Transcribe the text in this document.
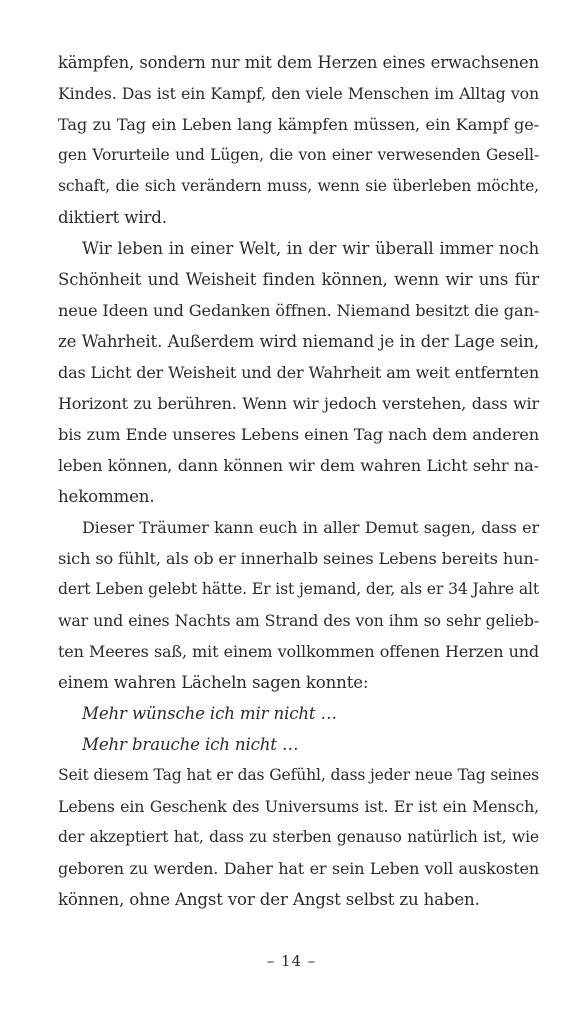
kämpfen, sondern nur mit dem Herzen eines erwachsenen
Kindes. Das ist ein Kampf, den viele Menschen im Alltag von
Tag zu Tag ein Leben lang kämpfen müssen, ein Kampf ge-
gen Vorurteile und Lügen, die von einer verwesenden Gesell-
schaft, die sich verändern muss, wenn sie überleben möchte,
diktiert wird.
Wir leben in einer Welt, in der wir überall immer noch
Schönheit und Weisheit finden können, wenn wir uns für
neue Ideen und Gedanken öffnen. Niemand besitzt die gan-
ze Wahrheit. Außerdem wird niemand je in der Lage sein,
das Licht der Weisheit und der Wahrheit am weit entfernten
Horizont zu berühren. Wenn wir jedoch verstehen, dass wir
bis zum Ende unseres Lebens einen Tag nach dem anderen
leben können, dann können wir dem wahren Licht sehr na-
hekommen.
Dieser Träumer kann euch in aller Demut sagen, dass er
sich so fühlt, als ob er innerhalb seines Lebens bereits hun-
dert Leben gelebt hätte. Er ist jemand, der, als er 34 Jahre alt
war und eines Nachts am Strand des von ihm so sehr gelieb-
ten Meeres saß, mit einem vollkommen offenen Herzen und
einem wahren Lächeln sagen konnte:
Mehr wünsche ich mir nicht …
Mehr brauche ich nicht …
Seit diesem Tag hat er das Gefühl, dass jeder neue Tag seines
Lebens ein Geschenk des Universums ist. Er ist ein Mensch,
der akzeptiert hat, dass zu sterben genauso natürlich ist, wie
geboren zu werden. Daher hat er sein Leben voll auskosten
können, ohne Angst vor der Angst selbst zu haben.
– 14 –
